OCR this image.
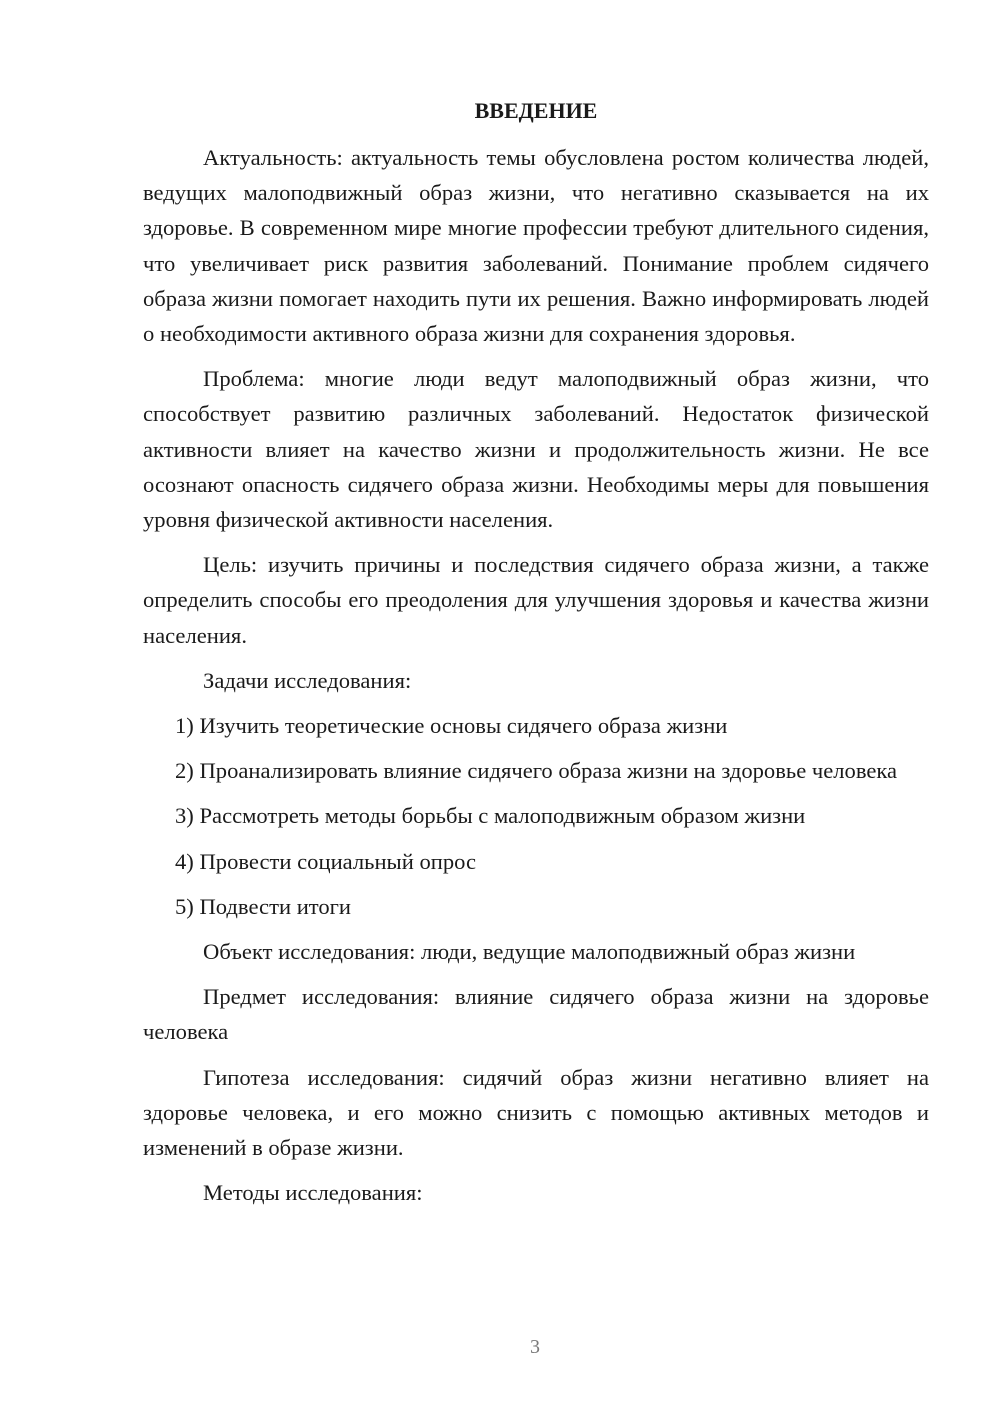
ВВЕДЕНИЕ

Актуальность: актуальность темы обусловлена ростом количества людей, ведущих малоподвижный образ жизни, что негативно сказывается на их здоровье. В современном мире многие профессии требуют длительного сидения, что увеличивает риск развития заболеваний. Понимание проблем сидячего образа жизни помогает находить пути их решения. Важно информировать людей о необходимости активного образа жизни для сохранения здоровья.

Проблема: многие люди ведут малоподвижный образ жизни, что способствует развитию различных заболеваний. Недостаток физической активности влияет на качество жизни и продолжительность жизни. Не все осознают опасность сидячего образа жизни. Необходимы меры для повышения уровня физической активности населения.

Цель: изучить причины и последствия сидячего образа жизни, а также определить способы его преодоления для улучшения здоровья и качества жизни населения.

Задачи исследования:

1) Изучить теоретические основы сидячего образа жизни

2) Проанализировать влияние сидячего образа жизни на здоровье человека

3) Рассмотреть методы борьбы с малоподвижным образом жизни

4) Провести социальный опрос

5) Подвести итоги

Объект исследования: люди, ведущие малоподвижный образ жизни

Предмет исследования: влияние сидячего образа жизни на здоровье человека

Гипотеза исследования: сидячий образ жизни негативно влияет на здоровье человека, и его можно снизить с помощью активных методов и изменений в образе жизни.

Методы исследования:

3
